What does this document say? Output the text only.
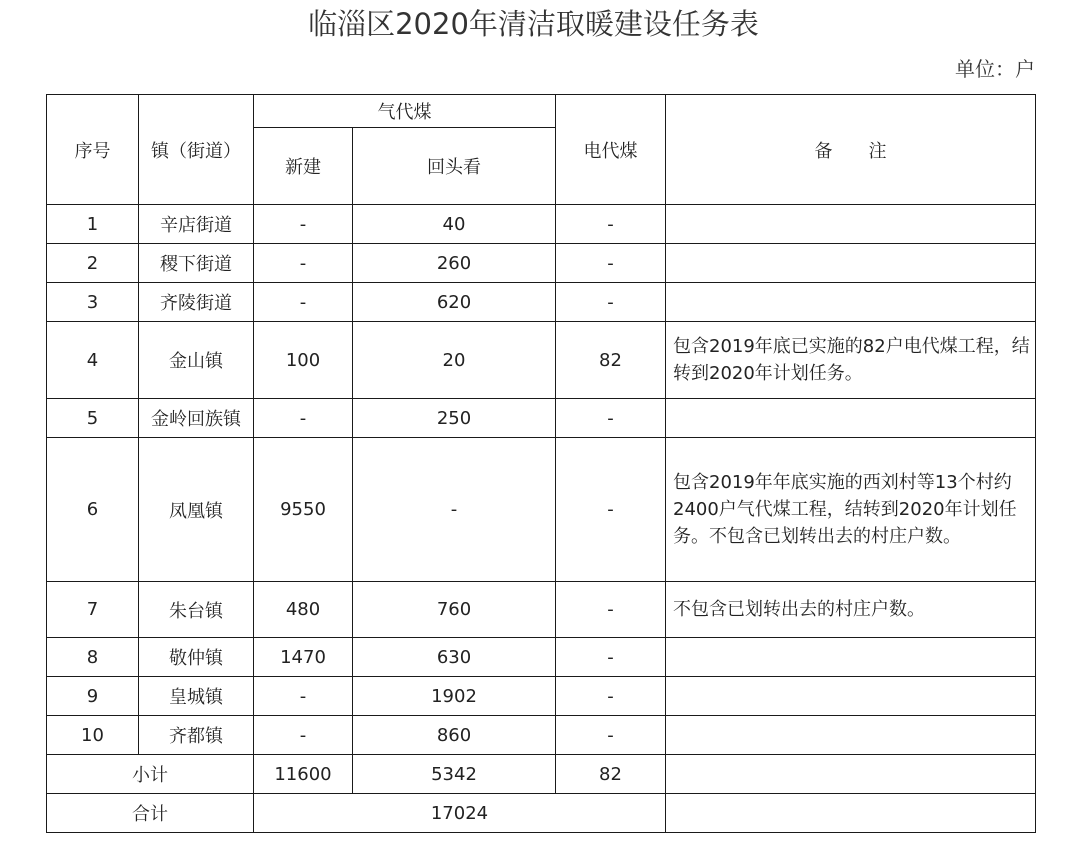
临淄区2020年清洁取暖建设任务表
单位：户
序号	镇（街道）	气代煤		电代煤	备　　注
		新建	回头看		
1	辛店街道	-	40	-	
2	稷下街道	-	260	-	
3	齐陵街道	-	620	-	
4	金山镇	100	20	82	包含2019年底已实施的82户电代煤工程，结转到2020年计划任务。
5	金岭回族镇	-	250	-	
6	凤凰镇	9550	-	-	包含2019年年底实施的西刘村等13个村约2400户气代煤工程，结转到2020年计划任务。不包含已划转出去的村庄户数。
7	朱台镇	480	760	-	不包含已划转出去的村庄户数。
8	敬仲镇	1470	630	-	
9	皇城镇	-	1902	-	
10	齐都镇	-	860	-	
小计		11600	5342	82	
合计		17024			
